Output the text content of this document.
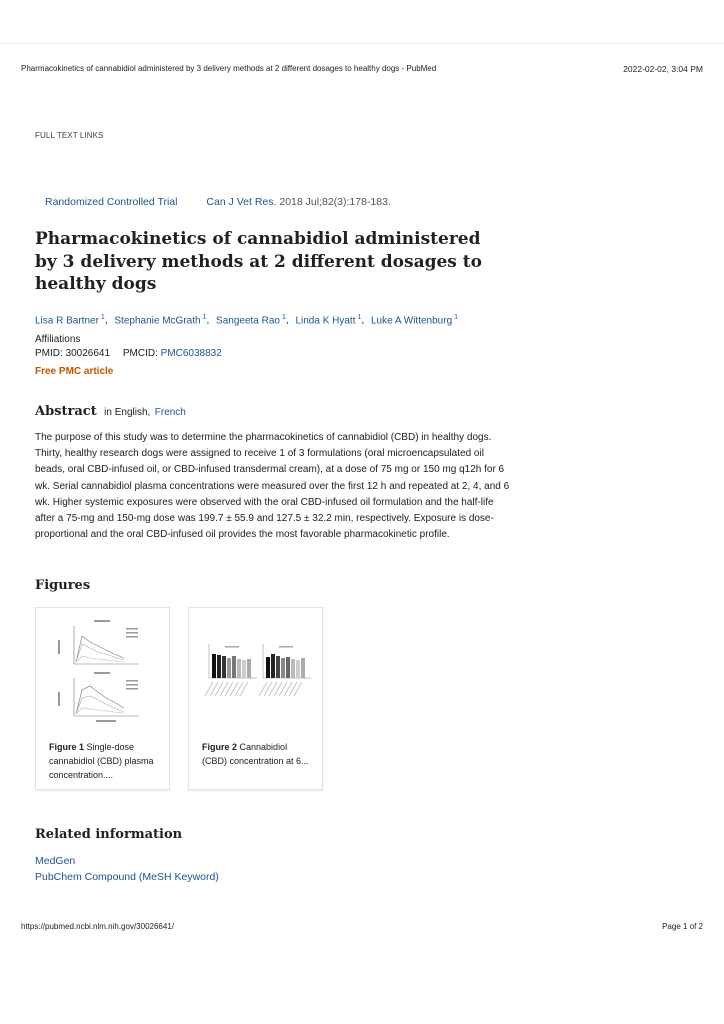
Pharmacokinetics of cannabidiol administered by 3 delivery methods at 2 different dosages to healthy dogs - PubMed	2022-02-02, 3:04 PM
FULL TEXT LINKS
Randomized Controlled Trial	Can J Vet Res. 2018 Jul;82(3):178-183.
Pharmacokinetics of cannabidiol administered by 3 delivery methods at 2 different dosages to healthy dogs
Lisa R Bartner $^1$, Stephanie McGrath $^1$, Sangeeta Rao $^1$, Linda K Hyatt $^1$, Luke A Wittenburg $^1$
Affiliations
PMID: 30026641 PMCID: PMC6038832
Free PMC article
Abstract in English, French

The purpose of this study was to determine the pharmacokinetics of cannabidiol (CBD) in healthy dogs. Thirty, healthy research dogs were assigned to receive 1 of 3 formulations (oral microencapsulated oil beads, oral CBD-infused oil, or CBD-infused transdermal cream), at a dose of 75 mg or 150 mg q12h for 6 wk. Serial cannabidiol plasma concentrations were measured over the first 12 h and repeated at 2, 4, and 6 wk. Higher systemic exposures were observed with the oral CBD-infused oil formulation and the half-life after a 75-mg and 150-mg dose was 199.7 ± 55.9 and 127.5 ± 32.2 min, respectively. Exposure is dose-proportional and the oral CBD-infused oil provides the most favorable pharmacokinetic profile.

Figures
Figure 1 Single-dose cannabidiol (CBD) plasma concentration....
Figure 2 Cannabidiol (CBD) concentration at 6...
Related information
MedGen
PubChem Compound (MeSH Keyword)
https://pubmed.ncbi.nlm.nih.gov/30026641/	Page 1 of 2
